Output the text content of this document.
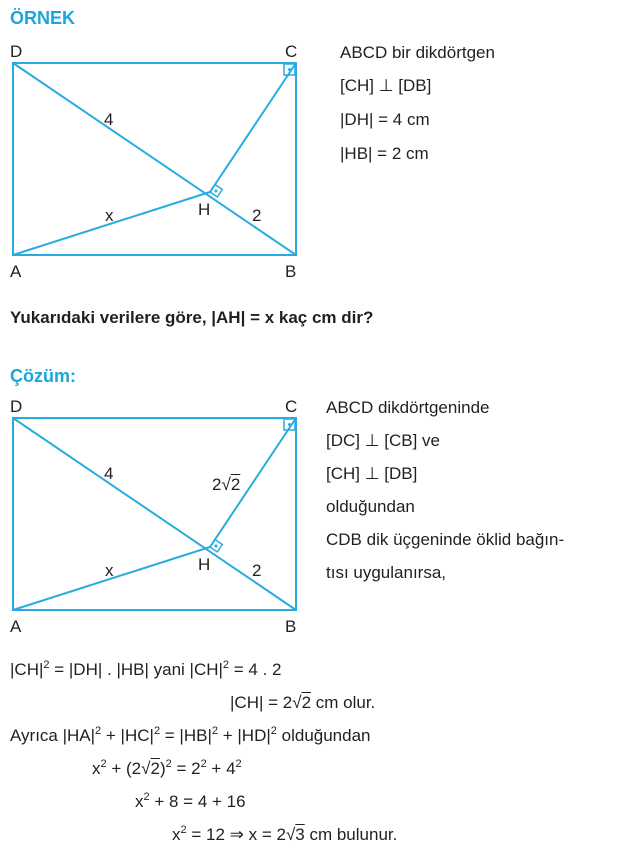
ÖRNEK
D	C
A	B
H
4
2
x
ABCD bir dikdörtgen
[CH] ⊥ [DB]
|DH| = 4 cm
|HB| = 2 cm
Yukarıdaki verilere göre, |AH| = x kaç cm dir?
Çözüm:
D	C
A	B
H
4
2
x
2√2
ABCD dikdörtgeninde
[DC] ⊥ [CB] ve
[CH] ⊥ [DB]
olduğundan
CDB dik üçgeninde öklid bağın-
tısı uygulanırsa,
$|CH|^2 = |DH|$ . |HB| yani $|CH|^2 = 4$ . 2
|CH| = 2√2 cm olur.
Ayrıca $|HA|^2 + |HC|^2 = |HB|^2 + |HD|^2$ olduğundan
$x^2 + (2√2)^2 = 2^2 + 4^2$
$x^2 + 8 = 4 + 16$
$x^2 = 12$ ⇒ x = 2√3 cm bulunur.
